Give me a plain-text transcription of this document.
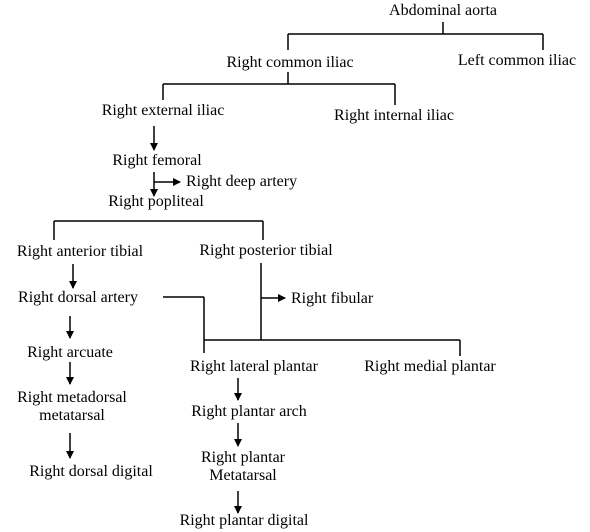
Abdominal aorta
Right common iliac	Left common iliac
Right external iliac	Right internal iliac
Right femoral
Right deep artery
Right popliteal
Right anterior tibial	Right posterior tibial
Right dorsal artery	Right fibular
Right arcuate
Right metadorsal
metatarsal
Right lateral plantar	Right medial plantar
Right plantar arch
Right dorsal digital
Right plantar
Metatarsal
Right plantar digital
